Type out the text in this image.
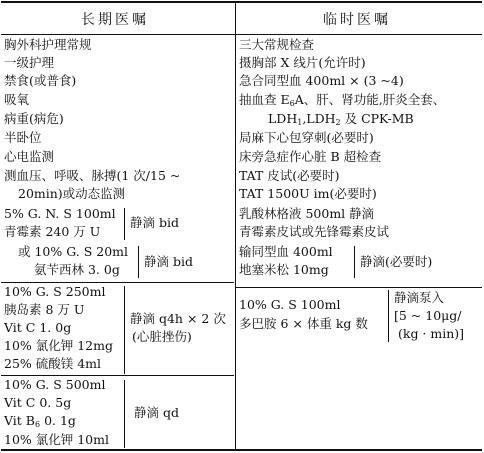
长期医嘱	临时医嘱
胸外科护理常规
一级护理
禁食(或普食)
吸氧
病重(病危)
半卧位
心电监测
测血压、呼吸、脉搏(1 次/15 ~
20min)或动态监测
5% G. N. S 100ml
青霉素 240 万 U
静滴 bid
或 10% G. S 20ml
氨苄西林 3. 0g
静滴 bid
10% G. S 250ml
胰岛素 8 万 U
Vit C 1. 0g
10% 氯化钾 12mg
25% 硫酸镁 4ml
静滴 q4h × 2 次
(心脏挫伤)
10% G. S 500ml
Vit C 0. 5g
Vit $B_6$ 0. 1g
10% 氯化钾 10ml
静滴 qd
三大常规检查
摄胸部 X 线片(允许时)
急合同型血 400ml × (3 ~4)
抽血查 $E_6A$、肝、肾功能,肝炎全套、
$LDH_1,LDH_2$ 及 CPK-MB
局麻下心包穿刺(必要时)
床旁急症作心脏 B 超检查
TAT 皮试(必要时)
TAT 1500U im(必要时)
乳酸林格液 500ml 静滴
青霉素皮试或先锋霉素皮试
输同型血 400ml
地塞米松 10mg
静滴(必要时)
10% G. S 100ml
多巴胺 6 × 体重 kg 数
静滴泵入
[5 ~ 10μg/
(kg · min)]
